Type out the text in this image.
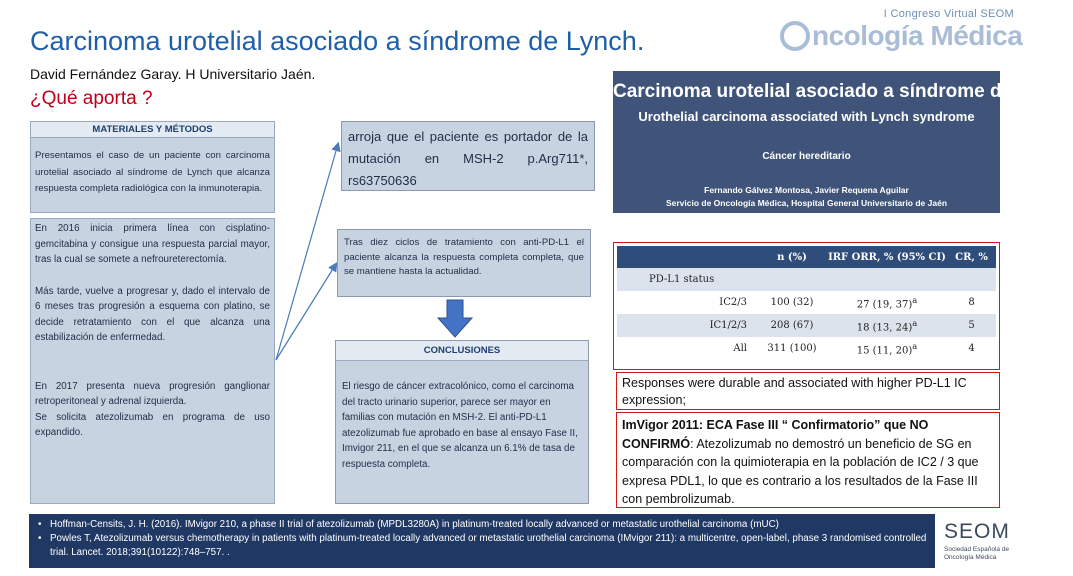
Carcinoma urotelial asociado a síndrome de Lynch.
David Fernández Garay. H Universitario Jaén.
¿Qué aporta ?
I Congreso Virtual SEOM
ncología Médica
MATERIALES Y MÉTODOS
Presentamos el caso de un paciente con carcinoma urotelial asociado al síndrome de Lynch que alcanza respuesta completa radiológica con la inmunoterapia.

En 2016 inicia primera línea con cisplatino-gemcitabina y consigue una respuesta parcial mayor, tras la cual se somete a nefroureterectomía.

Más tarde, vuelve a progresar y, dado el intervalo de 6 meses tras progresión a esquema con platino, se decide retratamiento con el que alcanza una estabilización de enfermedad.

En 2017 presenta nueva progresión ganglionar retroperitoneal y adrenal izquierda.

Se solicita atezolizumab en programa de uso expandido.

arroja que el paciente es portador de la mutación en MSH-2 p.Arg711*, rs63750636
Tras diez ciclos de tratamiento con anti-PD-L1 el paciente alcanza la respuesta completa completa, que se mantiene hasta la actualidad.
CONCLUSIONES
El riesgo de cáncer extracolónico, como el carcinoma del tracto urinario superior, parece ser mayor en familias con mutación en MSH-2. El anti-PD-L1 atezolizumab fue aprobado en base al ensayo Fase II, Imvigor 211, en el que se alcanza un 6.1% de tasa de respuesta completa.
Carcinoma urotelial asociado a síndrome de Lynch
Urothelial carcinoma associated with Lynch syndrome
Cáncer hereditario
Fernando Gálvez Montosa, Javier Requena Aguilar
Servicio de Oncología Médica, Hospital General Universitario de Jaén
	n (%)	IRF ORR, % (95% CI)	CR, %
PD-L1 status			
IC2/3	100 (32)	27 (19, 37)$^a$	8
IC1/2/3	208 (67)	18 (13, 24)$^a$	5
All	311 (100)	15 (11, 20)$^a$	4
Responses were durable and associated with higher PD-L1 IC expression;
ImVigor 2011: ECA Fase III “ Confirmatorio” que NO CONFIRMÓ: Atezolizumab no demostró un beneficio de SG en comparación con la quimioterapia en la población de IC2 / 3 que expresa PDL1, lo que es contrario a los resultados de la Fase III con pembrolizumab.
• Hoffman-Censits, J. H. (2016). IMvigor 210, a phase II trial of atezolizumab (MPDL3280A) in platinum-treated locally advanced or metastatic urothelial carcinoma (mUC)
• Powles T, Atezolizumab versus chemotherapy in patients with platinum-treated locally advanced or metastatic urothelial carcinoma (IMvigor 211): a multicentre, open-label, phase 3 randomised controlled trial. Lancet. 2018;391(10122):748–757. .
SEOM
Sociedad Española de Oncología Médica
